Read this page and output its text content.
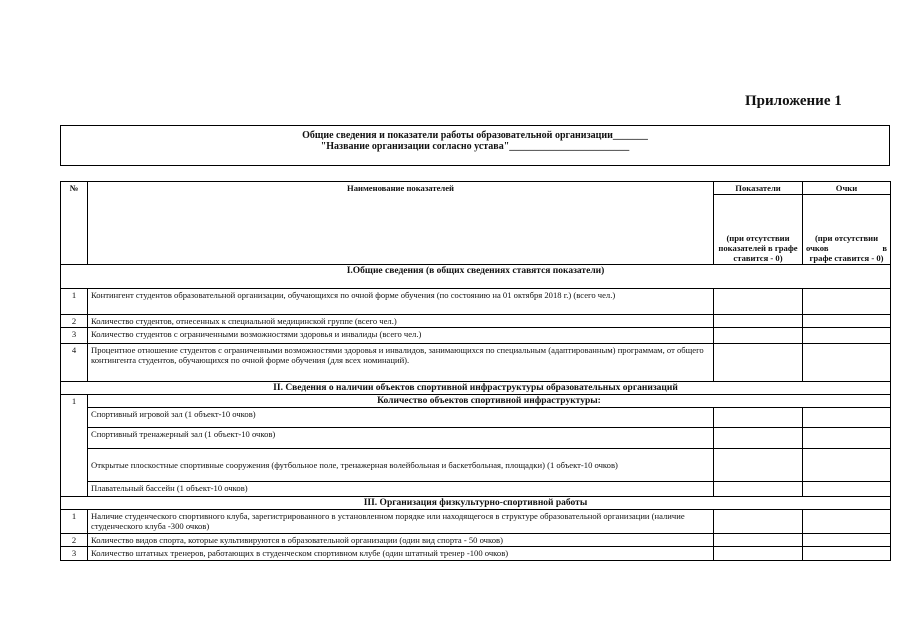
Приложение 1
Общие сведения и показатели работы образовательной организации_______
"Название организации согласно устава"________________________
№	Наименование показателей	Показатели	Очки
		(при отсутствии показателей в графе ставится - 0)	(при отсутствии
очков в
графе ставится - 0)

I.Общие сведения (в общих сведениях ставятся показатели)			
1	Контингент студентов образовательной организации, обучающихся по очной форме обучения (по состоянию на 01 октября 2018 г.) (всего чел.)		
2	Количество студентов, отнесенных к специальной медицинской группе (всего чел.)		
3	Количество студентов с ограниченными возможностями здоровья и инвалиды (всего чел.)		
4	Процентное отношение студентов с ограниченными возможностями здоровья и инвалидов, занимающихся по специальным (адаптированным) программам, от общего контингента студентов, обучающихся по очной форме обучения (для всех номинаций).		
II. Сведения о наличии объектов спортивной инфраструктуры образовательных организаций			
1	Количество объектов спортивной инфраструктуры:		
	Спортивный игровой зал (1 объект-10 очков)		
	Спортивный тренажерный зал (1 объект-10 очков)		
	Открытые плоскостные спортивные сооружения (футбольное поле, тренажерная волейбольная и баскетбольная, площадки) (1 объект-10 очков)		
	Плавательный бассейн (1 объект-10 очков)		
III. Организация физкультурно-спортивной работы			
1	Наличие студенческого спортивного клуба, зарегистрированного в установленном порядке или находящегося в структуре образовательной организации (наличие студенческого клуба -300 очков)		
2	Количество видов спорта, которые культивируются в образовательной организации (один вид спорта - 50 очков)		
3	Количество штатных тренеров, работающих в студенческом спортивном клубе (один штатный тренер -100 очков)		
